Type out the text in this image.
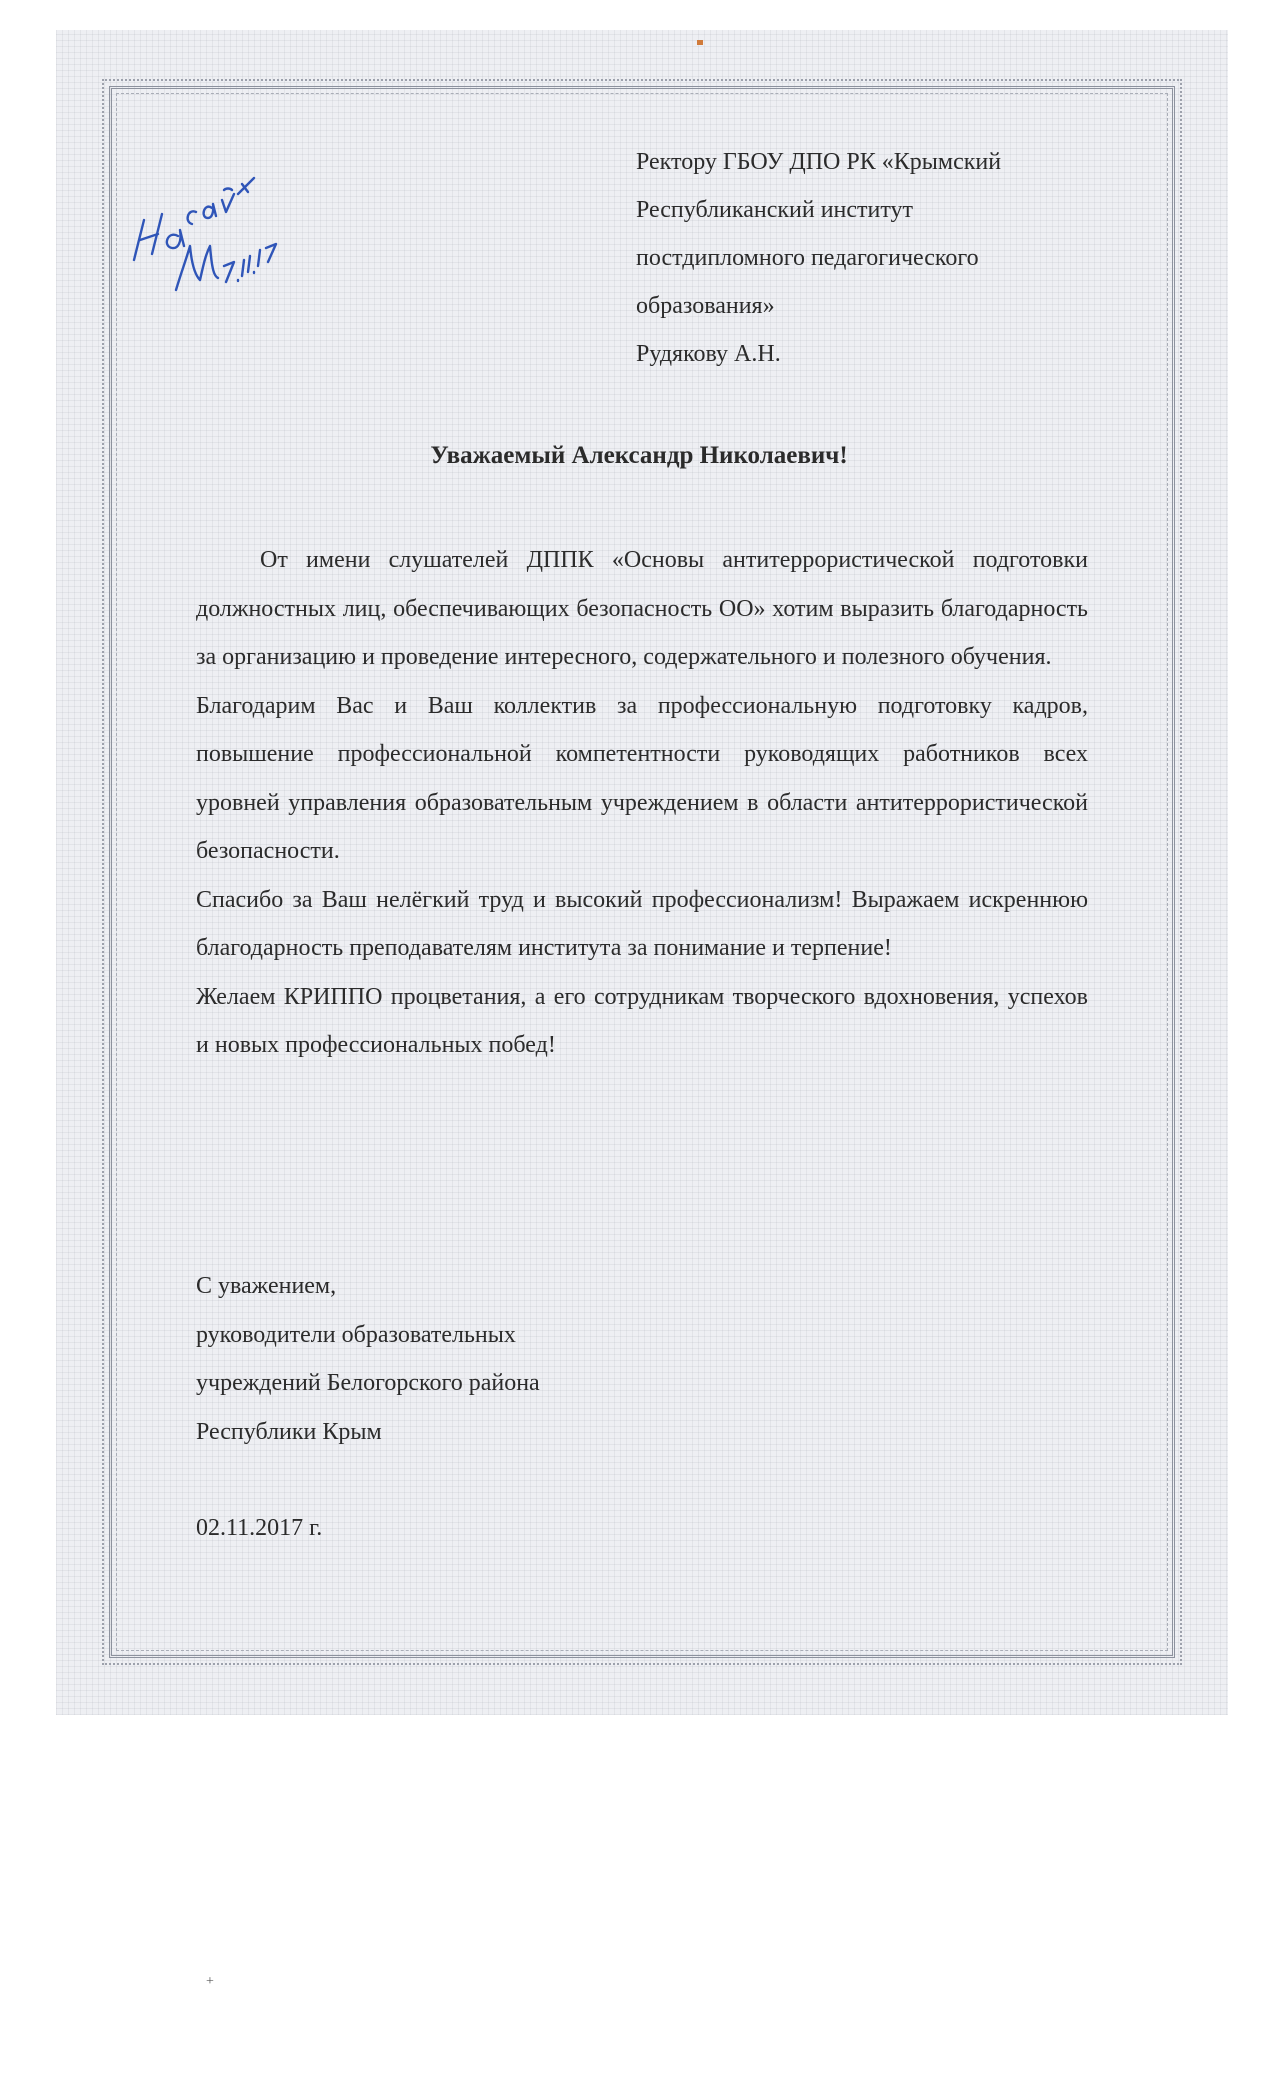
Ректору ГБОУ ДПО РК «Крымский
Республиканский институт
постдипломного педагогического
образования»
Рудякову А.Н.
Уважаемый Александр Николаевич!

От имени слушателей ДППК «Основы антитеррористической подготовки должностных лиц, обеспечивающих безопасность ОО» хотим выразить благодарность за организацию и проведение интересного, содержательного и полезного обучения.

Благодарим Вас и Ваш коллектив за профессиональную подготовку кадров, повышение профессиональной компетентности руководящих работников всех уровней управления образовательным учреждением в области антитеррористической безопасности.

Спасибо за Ваш нелёгкий труд и высокий профессионализм! Выражаем искреннюю благодарность преподавателям института за понимание и терпение!

Желаем КРИППО процветания, а его сотрудникам творческого вдохновения, успехов и новых профессиональных побед!

С уважением,
руководители образовательных
учреждений Белогорского района
Республики Крым
02.11.2017 г.
+
